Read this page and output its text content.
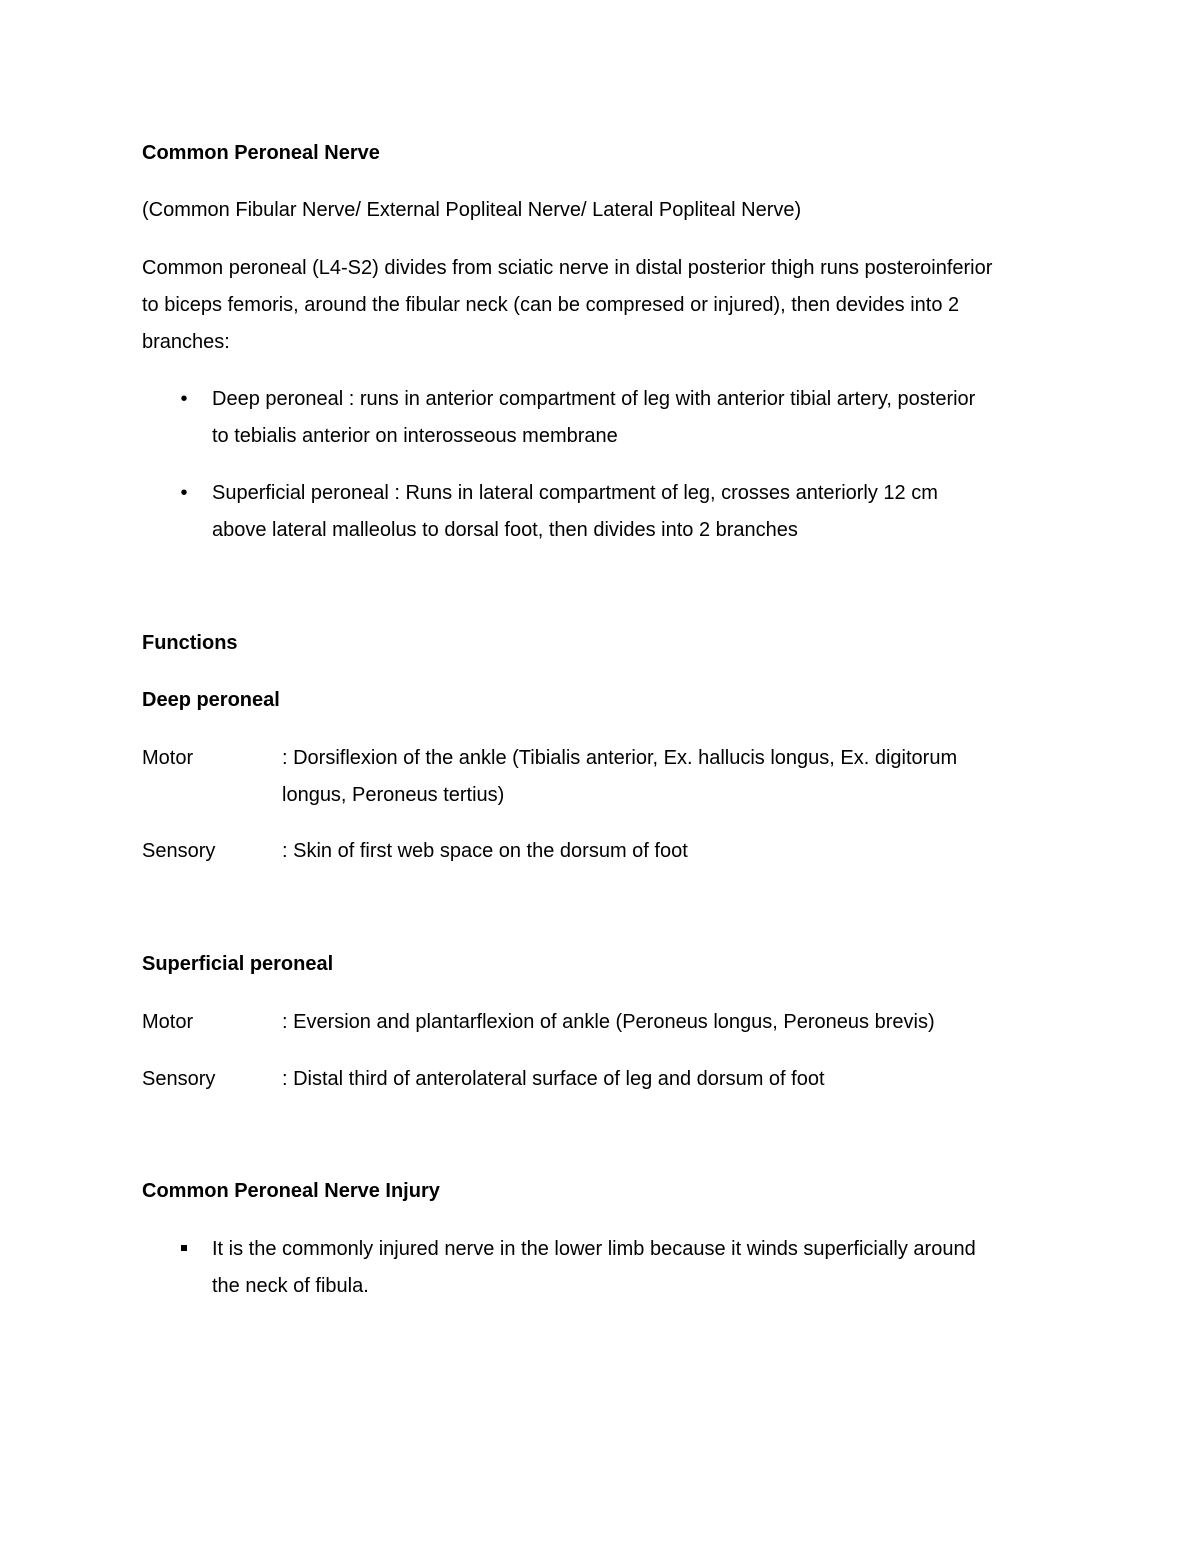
Common Peroneal Nerve

(Common Fibular Nerve/ External Popliteal Nerve/ Lateral Popliteal Nerve)

Common peroneal (L4-S2) divides from sciatic nerve in distal posterior thigh runs posteroinferior

to biceps femoris, around the fibular neck (can be compresed or injured), then devides into 2

branches:

• Deep peroneal : runs in anterior compartment of leg with anterior tibial artery, posterior

to tebialis anterior on interosseous membrane

• Superficial peroneal : Runs in lateral compartment of leg, crosses anteriorly 12 cm

above lateral malleolus to dorsal foot, then divides into 2 branches

Functions

Deep peroneal

Motor	: Dorsiflexion of the ankle (Tibialis anterior, Ex. hallucis longus, Ex. digitorum

longus, Peroneus tertius)

Sensory	: Skin of first web space on the dorsum of foot

Superficial peroneal

Motor	: Eversion and plantarflexion of ankle (Peroneus longus, Peroneus brevis)

Sensory	: Distal third of anterolateral surface of leg and dorsum of foot

Common Peroneal Nerve Injury

It is the commonly injured nerve in the lower limb because it winds superficially around

the neck of fibula.
